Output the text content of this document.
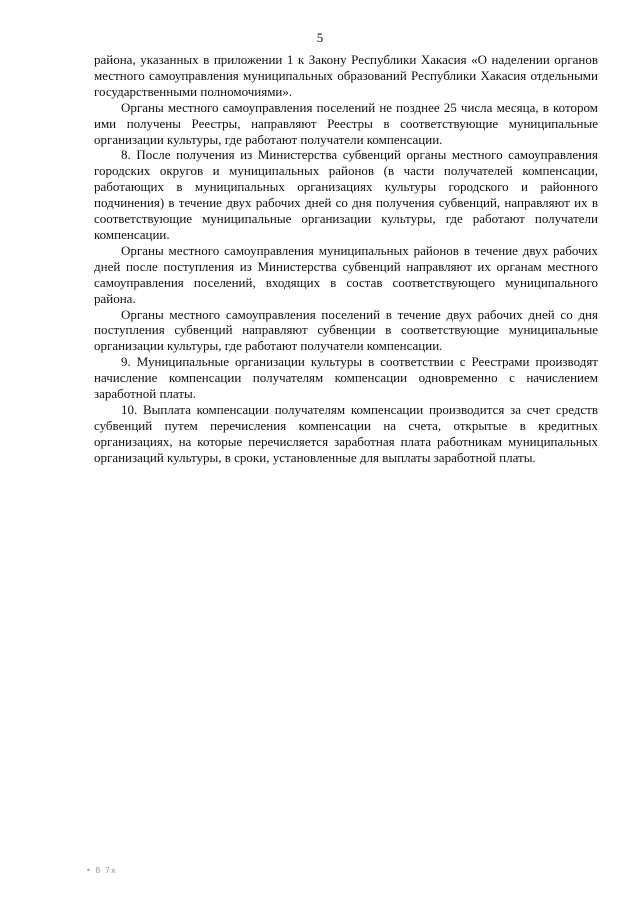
5

района, указанных в приложении 1 к Закону Республики Хакасия «О наделении органов местного самоуправления муниципальных образований Республики Хакасия отдельными государственными полномочиями».

Органы местного самоуправления поселений не позднее 25 числа месяца, в котором ими получены Реестры, направляют Реестры в соответствующие муниципальные организации культуры, где работают получатели компенсации.

8. После получения из Министерства субвенций органы местного самоуправления городских округов и муниципальных районов (в части получателей компенсации, работающих в муниципальных организациях культуры городского и районного подчинения) в течение двух рабочих дней со дня получения субвенций, направляют их в соответствующие муниципальные организации культуры, где работают получатели компенсации.

Органы местного самоуправления муниципальных районов в течение двух рабочих дней после поступления из Министерства субвенций направляют их органам местного самоуправления поселений, входящих в состав соответствующего муниципального района.

Органы местного самоуправления поселений в течение двух рабочих дней со дня поступления субвенций направляют субвенции в соответствующие муниципальные организации культуры, где работают получатели компенсации.

9. Муниципальные организации культуры в соответствии с Реестрами производят начисление компенсации получателям компенсации одновременно с начислением заработной платы.

10. Выплата компенсации получателям компенсации производится за счет средств субвенций путем перечисления компенсации на счета, открытые в кредитных организациях, на которые перечисляется заработная плата работникам муниципальных организаций культуры, в сроки, установленные для выплаты заработной платы.

• 8 7х
